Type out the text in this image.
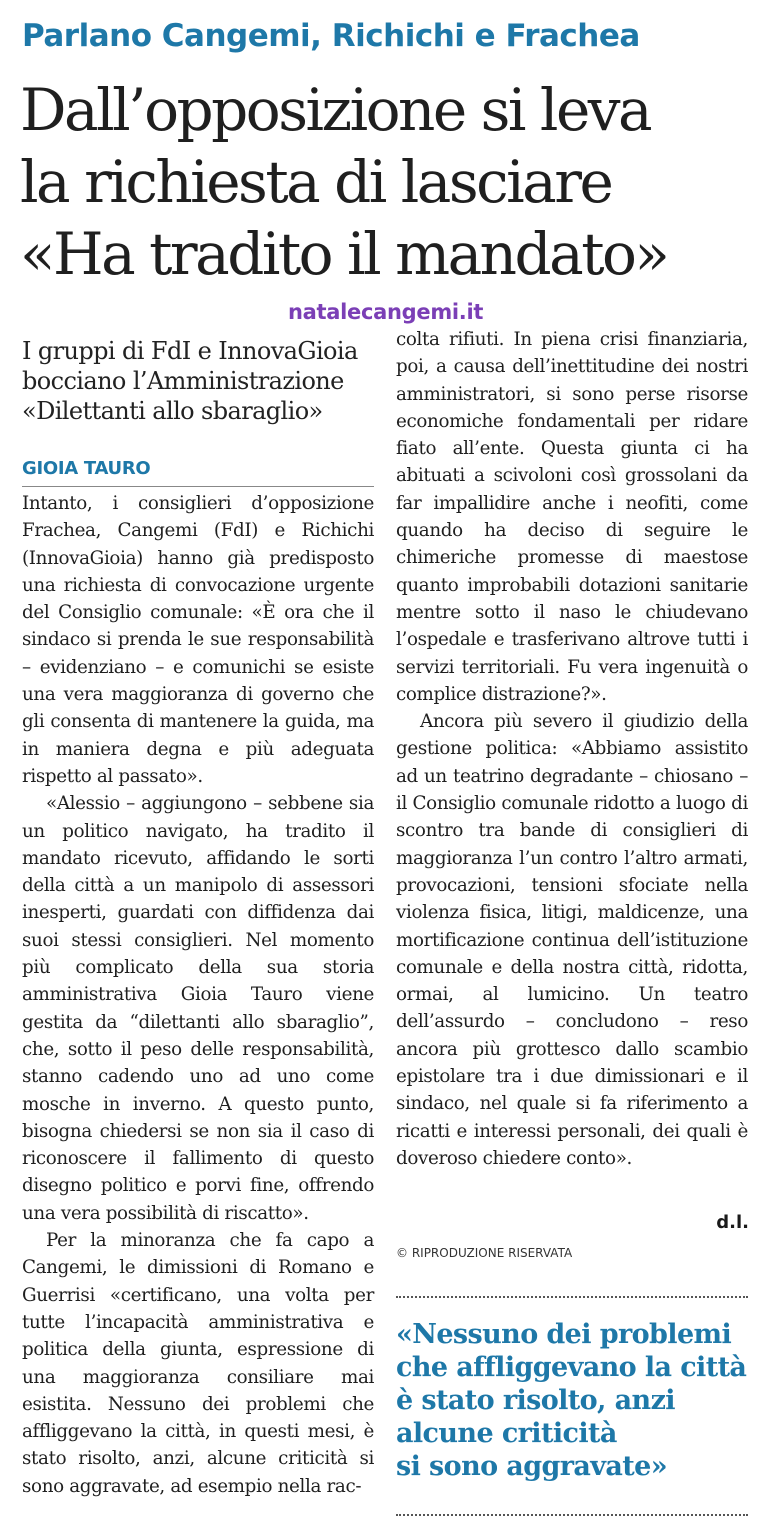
Parlano Cangemi, Richichi e Frachea
Dall’opposizione si leva
la richiesta di lasciare
«Ha tradito il mandato»
natalecangemi.it
I gruppi di FdI e InnovaGioia
bocciano l’Amministrazione
«Dilettanti allo sbaraglio»
GIOIA TAURO

Intanto, i consiglieri d’opposizione Frachea, Cangemi (FdI) e Richichi (InnovaGioia) hanno già predisposto una richiesta di convocazione urgente del Consiglio comunale: «È ora che il sindaco si prenda le sue responsabilità – evidenziano – e comunichi se esiste una vera maggioranza di governo che gli consenta di mantenere la guida, ma in maniera degna e più adeguata rispetto al passato».

«Alessio – aggiungono – sebbene sia un politico navigato, ha tradito il mandato ricevuto, affidando le sorti della città a un manipolo di assessori inesperti, guardati con diffidenza dai suoi stessi consiglieri. Nel momento più complicato della sua storia amministrativa Gioia Tauro viene gestita da “dilettanti allo sbaraglio”, che, sotto il peso delle responsabilità, stanno cadendo uno ad uno come mosche in inverno. A questo punto, bisogna chiedersi se non sia il caso di riconoscere il fallimento di questo disegno politico e porvi fine, offrendo una vera possibilità di riscatto».

Per la minoranza che fa capo a Cangemi, le dimissioni di Romano e Guerrisi «certificano, una volta per tutte l’incapacità amministrativa e politica della giunta, espressione di una maggioranza consiliare mai esistita. Nessuno dei problemi che affliggevano la città, in questi mesi, è stato risolto, anzi, alcune criticità si sono aggravate, ad esempio nella rac-

colta rifiuti. In piena crisi finanziaria, poi, a causa dell’inettitudine dei nostri amministratori, si sono perse risorse economiche fondamentali per ridare fiato all’ente. Questa giunta ci ha abituati a scivoloni così grossolani da far impallidire anche i neofiti, come quando ha deciso di seguire le chimeriche promesse di maestose quanto improbabili dotazioni sanitarie mentre sotto il naso le chiudevano l’ospedale e trasferivano altrove tutti i servizi territoriali. Fu vera ingenuità o complice distrazione?».

Ancora più severo il giudizio della gestione politica: «Abbiamo assistito ad un teatrino degradante – chiosano – il Consiglio comunale ridotto a luogo di scontro tra bande di consiglieri di maggioranza l’un contro l’altro armati, provocazioni, tensioni sfociate nella violenza fisica, litigi, maldicenze, una mortificazione continua dell’istituzione comunale e della nostra città, ridotta, ormai, al lumicino. Un teatro dell’assurdo – concludono – reso ancora più grottesco dallo scambio epistolare tra i due dimissionari e il sindaco, nel quale si fa riferimento a ricatti e interessi personali, dei quali è doveroso chiedere conto».

d.l.
© RIPRODUZIONE RISERVATA
«Nessuno dei problemi
che affliggevano la città
è stato risolto, anzi
alcune criticità
si sono aggravate»
